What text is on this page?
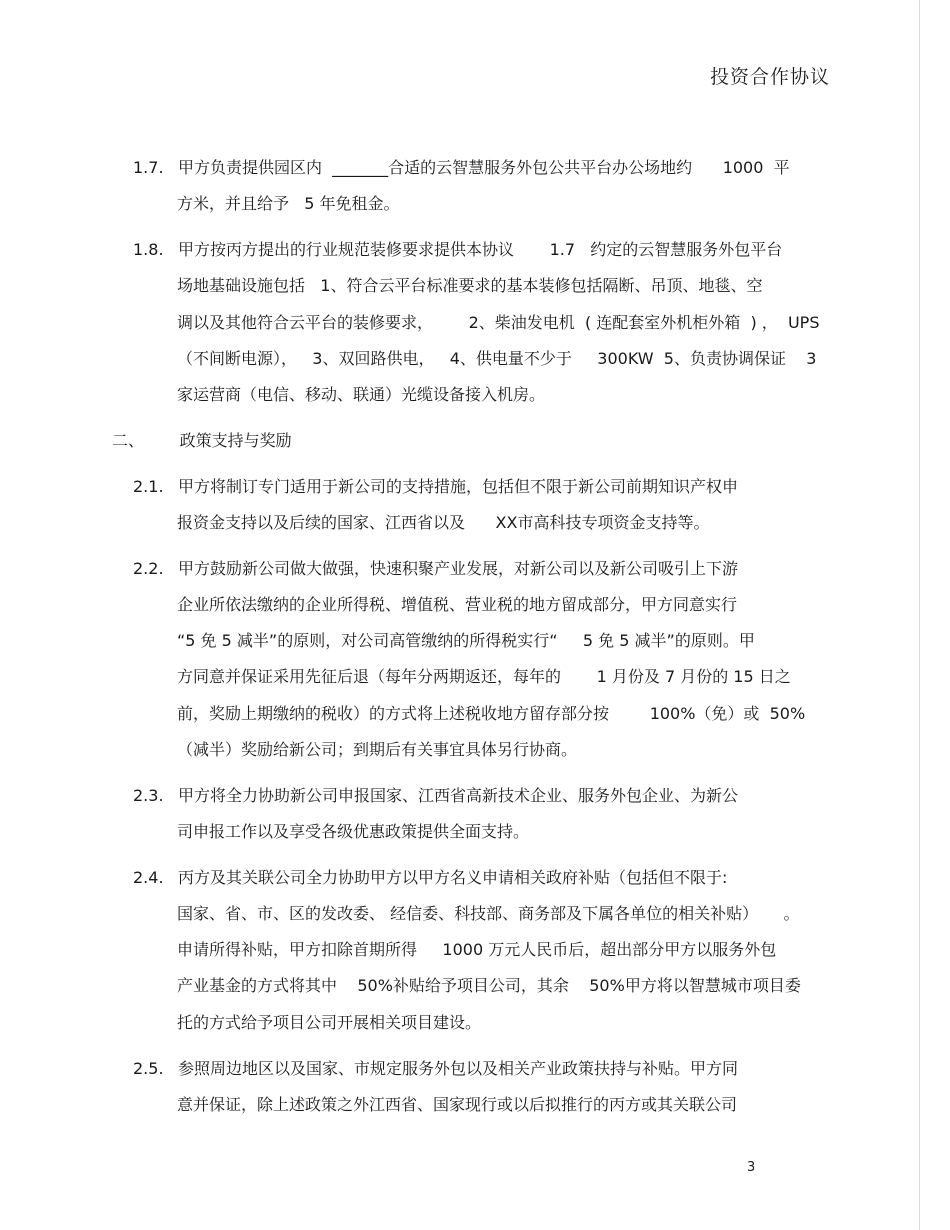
投资合作协议
1.7. 甲方负责提供园区内  _______合适的云智慧服务外包公共平台办公场地约      1000  平
方米，并且给予   5 年免租金。
1.8. 甲方按丙方提出的行业规范装修要求提供本协议       1.7   约定的云智慧服务外包平台
场地基础设施包括   1、符合云平台标准要求的基本装修包括隔断、吊顶、地毯、空
调以及其他符合云平台的装修要求，       2、柴油发电机  ( 连配套室外机柜外箱  ) ，  UPS
（不间断电源），   3、双回路供电，   4、供电量不少于     300KW  5、负责协调保证    3
家运营商（电信、移动、联通）光缆设备接入机房。
二、       政策支持与奖励
2.1. 甲方将制订专门适用于新公司的支持措施，包括但不限于新公司前期知识产权申
报资金支持以及后续的国家、江西省以及      XX市高科技专项资金支持等。
2.2. 甲方鼓励新公司做大做强，快速积聚产业发展，对新公司以及新公司吸引上下游
企业所依法缴纳的企业所得税、增值税、营业税的地方留成部分，甲方同意实行
“5 免 5 减半”的原则，对公司高管缴纳的所得税实行“     5 免 5 减半”的原则。甲
方同意并保证采用先征后退（每年分两期返还，每年的       1 月份及 7 月份的 15 日之
前，奖励上期缴纳的税收）的方式将上述税收地方留存部分按        100%（免）或  50%
（减半）奖励给新公司；到期后有关事宜具体另行协商。
2.3. 甲方将全力协助新公司申报国家、江西省高新技术企业、服务外包企业、为新公
司申报工作以及享受各级优惠政策提供全面支持。
2.4. 丙方及其关联公司全力协助甲方以甲方名义申请相关政府补贴（包括但不限于:
国家、省、市、区的发改委、 经信委、科技部、商务部及下属各单位的相关补贴）     。
申请所得补贴，甲方扣除首期所得     1000 万元人民币后，超出部分甲方以服务外包
产业基金的方式将其中    50%补贴给予项目公司，其余    50%甲方将以智慧城市项目委
托的方式给予项目公司开展相关项目建设。
2.5. 参照周边地区以及国家、市规定服务外包以及相关产业政策扶持与补贴。甲方同
意并保证，除上述政策之外江西省、国家现行或以后拟推行的丙方或其关联公司
3
